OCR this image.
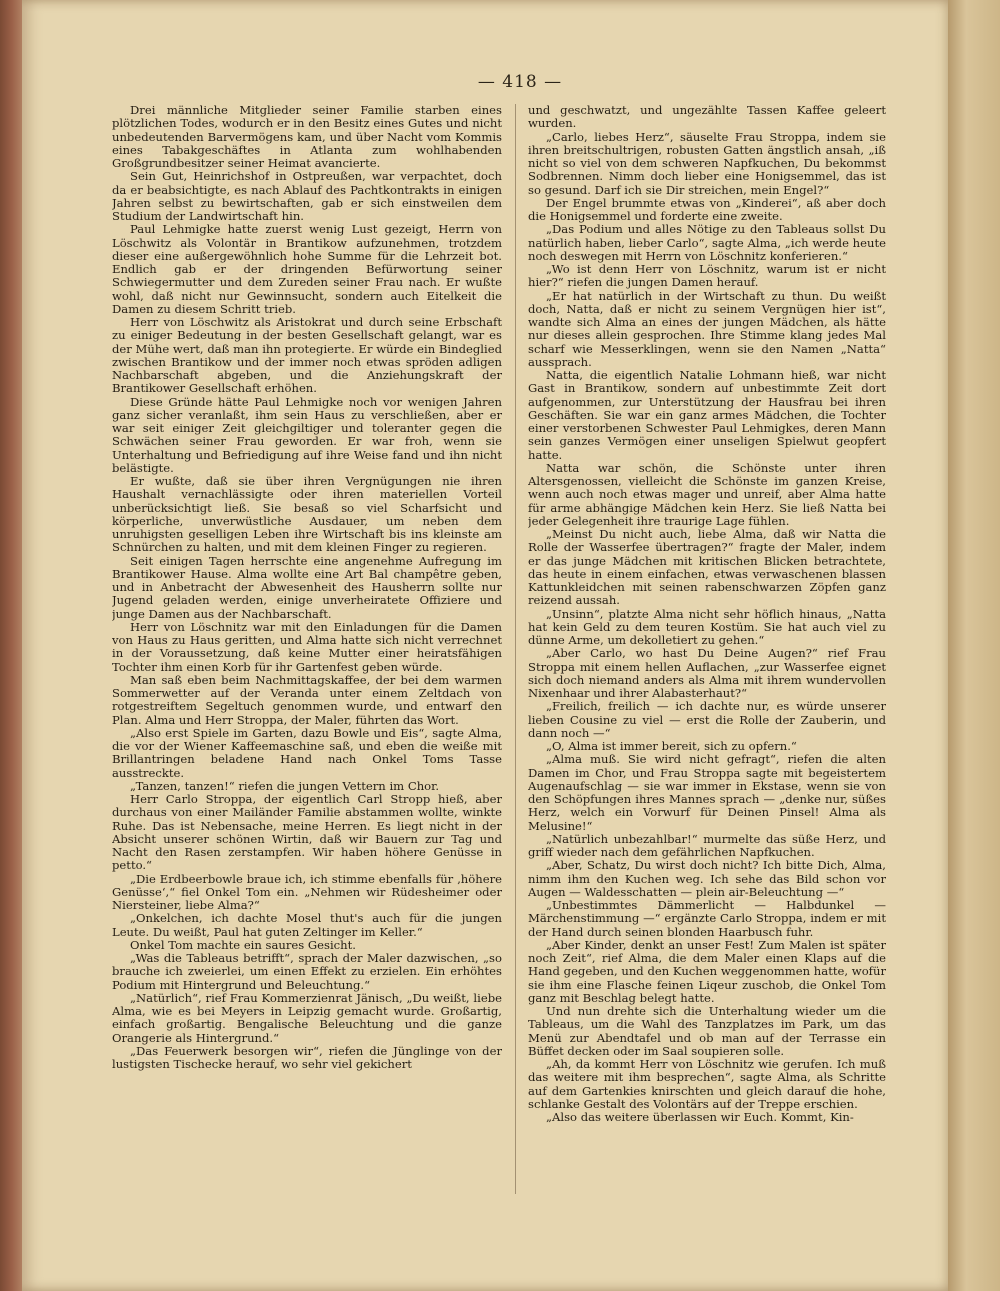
— 418 —

Drei männliche Mitglieder seiner Familie starben eines plötzlichen Todes, wodurch er in den Besitz eines Gutes und nicht unbedeutenden Barvermögens kam, und über Nacht vom Kommis eines Tabakgeschäftes in Atlanta zum wohlhabenden Großgrundbesitzer seiner Heimat avancierte.

Sein Gut, Heinrichshof in Ostpreußen, war verpachtet, doch da er beabsichtigte, es nach Ablauf des Pachtkontrakts in einigen Jahren selbst zu bewirtschaften, gab er sich einstweilen dem Studium der Landwirtschaft hin.

Paul Lehmigke hatte zuerst wenig Lust gezeigt, Herrn von Löschwitz als Volontär in Brantikow aufzunehmen, trotzdem dieser eine außergewöhnlich hohe Summe für die Lehrzeit bot. Endlich gab er der dringenden Befürwortung seiner Schwiegermutter und dem Zureden seiner Frau nach. Er wußte wohl, daß nicht nur Gewinnsucht, sondern auch Eitelkeit die Damen zu diesem Schritt trieb.

Herr von Löschwitz als Aristokrat und durch seine Erbschaft zu einiger Bedeutung in der besten Gesellschaft gelangt, war es der Mühe wert, daß man ihn protegierte. Er würde ein Bindeglied zwischen Brantikow und der immer noch etwas spröden adligen Nachbarschaft abgeben, und die Anziehungskraft der Brantikower Gesellschaft erhöhen.

Diese Gründe hätte Paul Lehmigke noch vor wenigen Jahren ganz sicher veranlaßt, ihm sein Haus zu verschließen, aber er war seit einiger Zeit gleichgiltiger und toleranter gegen die Schwächen seiner Frau geworden. Er war froh, wenn sie Unterhaltung und Befriedigung auf ihre Weise fand und ihn nicht belästigte.

Er wußte, daß sie über ihren Vergnügungen nie ihren Haushalt vernachlässigte oder ihren materiellen Vorteil unberücksichtigt ließ. Sie besaß so viel Scharfsicht und körperliche, unverwüstliche Ausdauer, um neben dem unruhigsten geselligen Leben ihre Wirtschaft bis ins kleinste am Schnürchen zu halten, und mit dem kleinen Finger zu regieren.

Seit einigen Tagen herrschte eine angenehme Aufregung im Brantikower Hause. Alma wollte eine Art Bal champêtre geben, und in Anbetracht der Abwesenheit des Hausherrn sollte nur Jugend geladen werden, einige unverheiratete Offiziere und junge Damen aus der Nachbarschaft.

Herr von Löschnitz war mit den Einladungen für die Damen von Haus zu Haus geritten, und Alma hatte sich nicht verrechnet in der Voraussetzung, daß keine Mutter einer heiratsfähigen Tochter ihm einen Korb für ihr Gartenfest geben würde.

Man saß eben beim Nachmittagskaffee, der bei dem warmen Sommerwetter auf der Veranda unter einem Zeltdach von rotgestreiftem Segeltuch genommen wurde, und entwarf den Plan. Alma und Herr Stroppa, der Maler, führten das Wort.

„Also erst Spiele im Garten, dazu Bowle und Eis“, sagte Alma, die vor der Wiener Kaffeemaschine saß, und eben die weiße mit Brillantringen beladene Hand nach Onkel Toms Tasse ausstreckte.

„Tanzen, tanzen!“ riefen die jungen Vettern im Chor.

Herr Carlo Stroppa, der eigentlich Carl Stropp hieß, aber durchaus von einer Mailänder Familie abstammen wollte, winkte Ruhe. Das ist Nebensache, meine Herren. Es liegt nicht in der Absicht unserer schönen Wirtin, daß wir Bauern zur Tag und Nacht den Rasen zerstampfen. Wir haben höhere Genüsse in petto.“

„Die Erdbeerbowle braue ich, ich stimme ebenfalls für ‚höhere Genüsse‘,“ fiel Onkel Tom ein. „Nehmen wir Rüdesheimer oder Niersteiner, liebe Alma?“

„Onkelchen, ich dachte Mosel thut's auch für die jungen Leute. Du weißt, Paul hat guten Zeltinger im Keller.“

Onkel Tom machte ein saures Gesicht.

„Was die Tableaus betrifft“, sprach der Maler dazwischen, „so brauche ich zweierlei, um einen Effekt zu erzielen. Ein erhöhtes Podium mit Hintergrund und Beleuchtung.“

„Natürlich“, rief Frau Kommerzienrat Jänisch, „Du weißt, liebe Alma, wie es bei Meyers in Leipzig gemacht wurde. Großartig, einfach großartig. Bengalische Beleuchtung und die ganze Orangerie als Hintergrund.“

„Das Feuerwerk besorgen wir“, riefen die Jünglinge von der lustigsten Tischecke herauf, wo sehr viel gekichert

und geschwatzt, und ungezählte Tassen Kaffee geleert wurden.

„Carlo, liebes Herz“, säuselte Frau Stroppa, indem sie ihren breitschultrigen, robusten Gatten ängstlich ansah, „iß nicht so viel von dem schweren Napfkuchen, Du bekommst Sodbrennen. Nimm doch lieber eine Honigsemmel, das ist so gesund. Darf ich sie Dir streichen, mein Engel?“

Der Engel brummte etwas von „Kinderei“, aß aber doch die Honigsemmel und forderte eine zweite.

„Das Podium und alles Nötige zu den Tableaus sollst Du natürlich haben, lieber Carlo“, sagte Alma, „ich werde heute noch deswegen mit Herrn von Löschnitz konferieren.“

„Wo ist denn Herr von Löschnitz, warum ist er nicht hier?“ riefen die jungen Damen herauf.

„Er hat natürlich in der Wirtschaft zu thun. Du weißt doch, Natta, daß er nicht zu seinem Vergnügen hier ist“, wandte sich Alma an eines der jungen Mädchen, als hätte nur dieses allein gesprochen. Ihre Stimme klang jedes Mal scharf wie Messerklingen, wenn sie den Namen „Natta“ aussprach.

Natta, die eigentlich Natalie Lohmann hieß, war nicht Gast in Brantikow, sondern auf unbestimmte Zeit dort aufgenommen, zur Unterstützung der Hausfrau bei ihren Geschäften. Sie war ein ganz armes Mädchen, die Tochter einer verstorbenen Schwester Paul Lehmigkes, deren Mann sein ganzes Vermögen einer unseligen Spielwut geopfert hatte.

Natta war schön, die Schönste unter ihren Altersgenossen, vielleicht die Schönste im ganzen Kreise, wenn auch noch etwas mager und unreif, aber Alma hatte für arme abhängige Mädchen kein Herz. Sie ließ Natta bei jeder Gelegenheit ihre traurige Lage fühlen.

„Meinst Du nicht auch, liebe Alma, daß wir Natta die Rolle der Wasserfee übertragen?“ fragte der Maler, indem er das junge Mädchen mit kritischen Blicken betrachtete, das heute in einem einfachen, etwas verwaschenen blassen Kattunkleidchen mit seinen rabenschwarzen Zöpfen ganz reizend aussah.

„Unsinn“, platzte Alma nicht sehr höflich hinaus, „Natta hat kein Geld zu dem teuren Kostüm. Sie hat auch viel zu dünne Arme, um dekolletiert zu gehen.“

„Aber Carlo, wo hast Du Deine Augen?“ rief Frau Stroppa mit einem hellen Auflachen, „zur Wasserfee eignet sich doch niemand anders als Alma mit ihrem wundervollen Nixenhaar und ihrer Alabasterhaut?“

„Freilich, freilich — ich dachte nur, es würde unserer lieben Cousine zu viel — erst die Rolle der Zauberin, und dann noch —“

„O, Alma ist immer bereit, sich zu opfern.“

„Alma muß. Sie wird nicht gefragt“, riefen die alten Damen im Chor, und Frau Stroppa sagte mit begeistertem Augenaufschlag — sie war immer in Ekstase, wenn sie von den Schöpfungen ihres Mannes sprach — „denke nur, süßes Herz, welch ein Vorwurf für Deinen Pinsel! Alma als Melusine!“

„Natürlich unbezahlbar!“ murmelte das süße Herz, und griff wieder nach dem gefährlichen Napfkuchen.

„Aber, Schatz, Du wirst doch nicht? Ich bitte Dich, Alma, nimm ihm den Kuchen weg. Ich sehe das Bild schon vor Augen — Waldesschatten — plein air-Beleuchtung —“

„Unbestimmtes Dämmerlicht — Halbdunkel — Märchenstimmung —“ ergänzte Carlo Stroppa, indem er mit der Hand durch seinen blonden Haarbusch fuhr.

„Aber Kinder, denkt an unser Fest! Zum Malen ist später noch Zeit“, rief Alma, die dem Maler einen Klaps auf die Hand gegeben, und den Kuchen weggenommen hatte, wofür sie ihm eine Flasche feinen Liqeur zuschob, die Onkel Tom ganz mit Beschlag belegt hatte.

Und nun drehte sich die Unterhaltung wieder um die Tableaus, um die Wahl des Tanzplatzes im Park, um das Menü zur Abendtafel und ob man auf der Terrasse ein Büffet decken oder im Saal soupieren solle.

„Ah, da kommt Herr von Löschnitz wie gerufen. Ich muß das weitere mit ihm besprechen“, sagte Alma, als Schritte auf dem Gartenkies knirschten und gleich darauf die hohe, schlanke Gestalt des Volontärs auf der Treppe erschien.

„Also das weitere überlassen wir Euch. Kommt, Kin-
